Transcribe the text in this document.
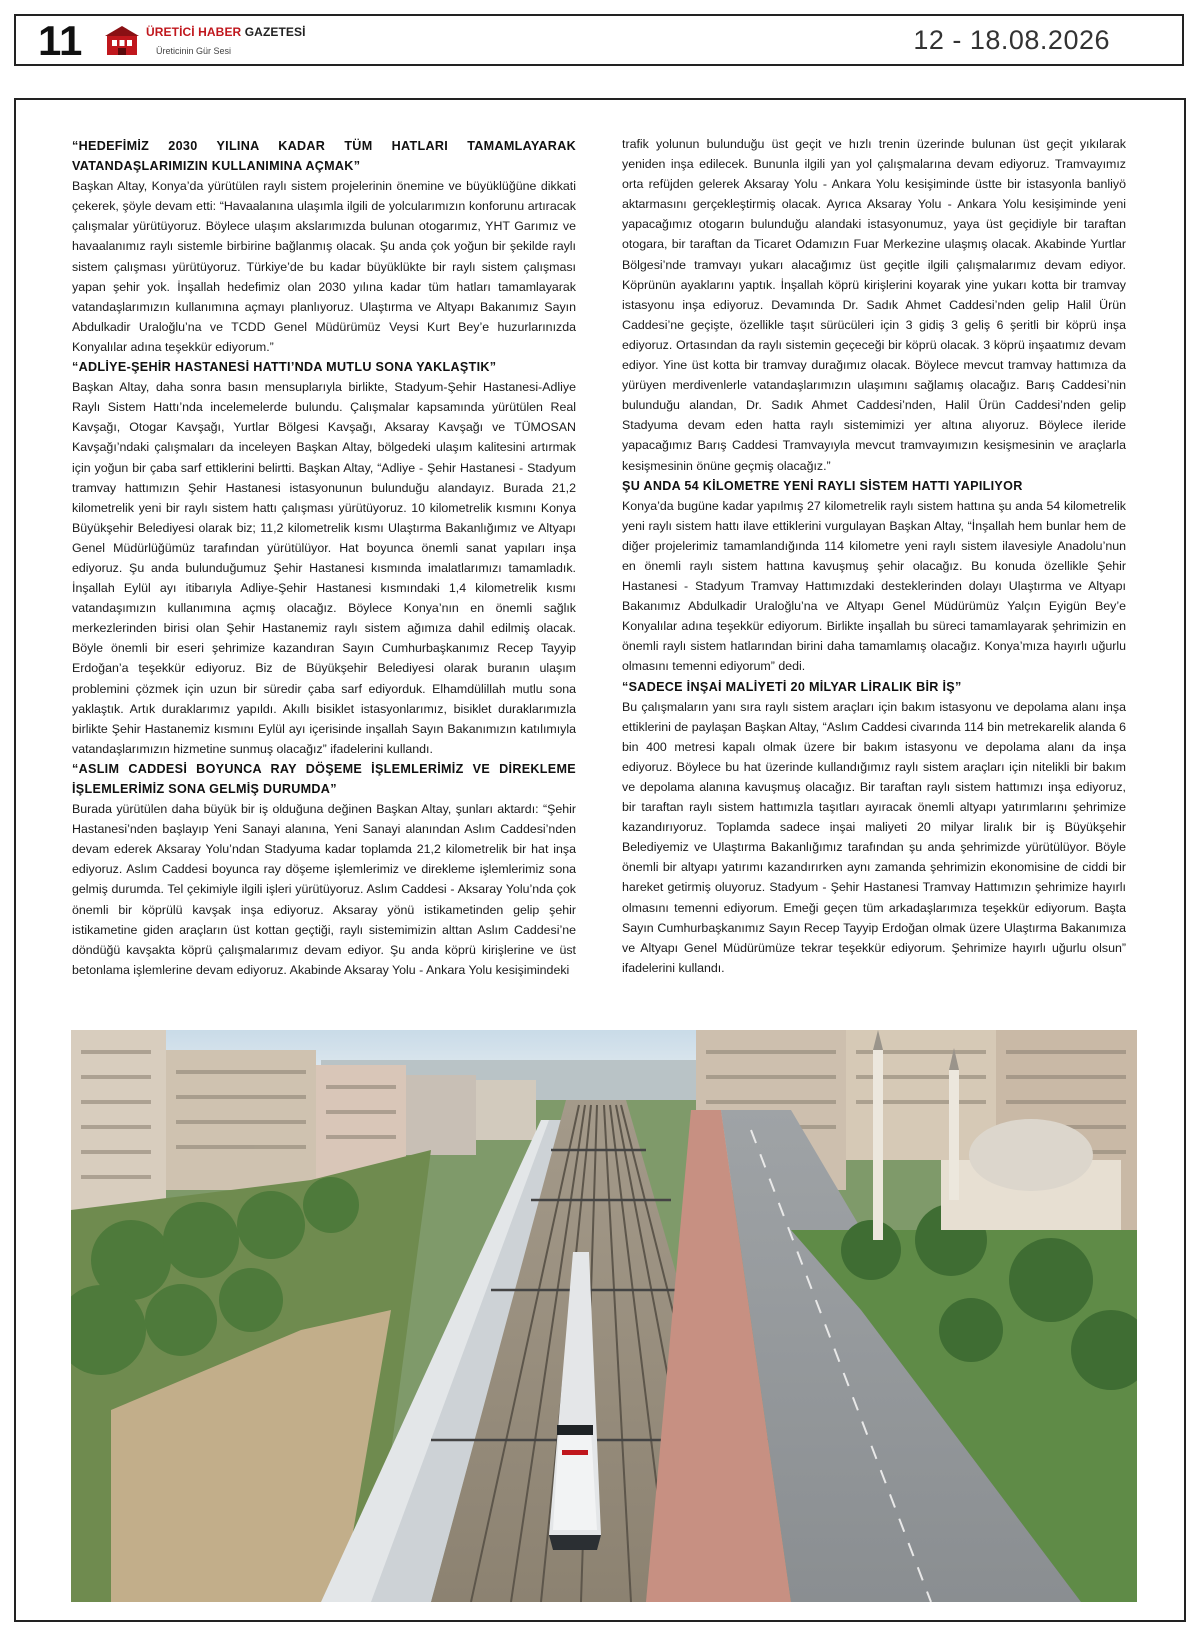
11	ÜRETİCİ HABER GAZETESİ
Üreticinin Gür Sesi	12 - 18.08.2026

“HEDEFİMİZ 2030 YILINA KADAR TÜM HATLARI TAMAMLAYARAK VATANDAŞLARIMIZIN KULLANIMINA AÇMAK”

Başkan Altay, Konya’da yürütülen raylı sistem projelerinin önemine ve büyüklüğüne dikkati çekerek, şöyle devam etti: “Havaalanına ulaşımla ilgili de yolcularımızın konforunu artıracak çalışmalar yürütüyoruz. Böylece ulaşım akslarımızda bulunan otogarımız, YHT Garımız ve havaalanımız raylı sistemle birbirine bağlanmış olacak. Şu anda çok yoğun bir şekilde raylı sistem çalışması yürütüyoruz. Türkiye’de bu kadar büyüklükte bir raylı sistem çalışması yapan şehir yok. İnşallah hedefimiz olan 2030 yılına kadar tüm hatları tamamlayarak vatandaşlarımızın kullanımına açmayı planlıyoruz. Ulaştırma ve Altyapı Bakanımız Sayın Abdulkadir Uraloğlu’na ve TCDD Genel Müdürümüz Veysi Kurt Bey’e huzurlarınızda Konyalılar adına teşekkür ediyorum.”

“ADLİYE-ŞEHİR HASTANESİ HATTI’NDA MUTLU SONA YAKLAŞTIK”

Başkan Altay, daha sonra basın mensuplarıyla birlikte, Stadyum-Şehir Hastanesi-Adliye Raylı Sistem Hattı’nda incelemelerde bulundu. Çalışmalar kapsamında yürütülen Real Kavşağı, Otogar Kavşağı, Yurtlar Bölgesi Kavşağı, Aksaray Kavşağı ve TÜMOSAN Kavşağı’ndaki çalışmaları da inceleyen Başkan Altay, bölgedeki ulaşım kalitesini artırmak için yoğun bir çaba sarf ettiklerini belirtti. Başkan Altay, “Adliye - Şehir Hastanesi - Stadyum tramvay hattımızın Şehir Hastanesi istasyonunun bulunduğu alandayız. Burada 21,2 kilometrelik yeni bir raylı sistem hattı çalışması yürütüyoruz. 10 kilometrelik kısmını Konya Büyükşehir Belediyesi olarak biz; 11,2 kilometrelik kısmı Ulaştırma Bakanlığımız ve Altyapı Genel Müdürlüğümüz tarafından yürütülüyor. Hat boyunca önemli sanat yapıları inşa ediyoruz. Şu anda bulunduğumuz Şehir Hastanesi kısmında imalatlarımızı tamamladık. İnşallah Eylül ayı itibarıyla Adliye-Şehir Hastanesi kısmındaki 1,4 kilometrelik kısmı vatandaşımızın kullanımına açmış olacağız. Böylece Konya’nın en önemli sağlık merkezlerinden birisi olan Şehir Hastanemiz raylı sistem ağımıza dahil edilmiş olacak. Böyle önemli bir eseri şehrimize kazandıran Sayın Cumhurbaşkanımız Recep Tayyip Erdoğan’a teşekkür ediyoruz. Biz de Büyükşehir Belediyesi olarak buranın ulaşım problemini çözmek için uzun bir süredir çaba sarf ediyorduk. Elhamdülillah mutlu sona yaklaştık. Artık duraklarımız yapıldı. Akıllı bisiklet istasyonlarımız, bisiklet duraklarımızla birlikte Şehir Hastanemiz kısmını Eylül ayı içerisinde inşallah Sayın Bakanımızın katılımıyla vatandaşlarımızın hizmetine sunmuş olacağız” ifadelerini kullandı.

“ASLIM CADDESİ BOYUNCA RAY DÖŞEME İŞLEMLERİMİZ VE DİREKLEME İŞLEMLERİMİZ SONA GELMİŞ DURUMDA”

Burada yürütülen daha büyük bir iş olduğuna değinen Başkan Altay, şunları aktardı: “Şehir Hastanesi’nden başlayıp Yeni Sanayi alanına, Yeni Sanayi alanından Aslım Caddesi’nden devam ederek Aksaray Yolu’ndan Stadyuma kadar toplamda 21,2 kilometrelik bir hat inşa ediyoruz. Aslım Caddesi boyunca ray döşeme işlemlerimiz ve direkleme işlemlerimiz sona gelmiş durumda. Tel çekimiyle ilgili işleri yürütüyoruz. Aslım Caddesi - Aksaray Yolu’nda çok önemli bir köprülü kavşak inşa ediyoruz. Aksaray yönü istikametinden gelip şehir istikametine giden araçların üst kottan geçtiği, raylı sistemimizin alttan Aslım Caddesi’ne döndüğü kavşakta köprü çalışmalarımız devam ediyor. Şu anda köprü kirişlerine ve üst betonlama işlemlerine devam ediyoruz. Akabinde Aksaray Yolu - Ankara Yolu kesişimindeki

trafik yolunun bulunduğu üst geçit ve hızlı trenin üzerinde bulunan üst geçit yıkılarak yeniden inşa edilecek. Bununla ilgili yan yol çalışmalarına devam ediyoruz. Tramvayımız orta refüjden gelerek Aksaray Yolu - Ankara Yolu kesişiminde üstte bir istasyonla banliyö aktarmasını gerçekleştirmiş olacak. Ayrıca Aksaray Yolu - Ankara Yolu kesişiminde yeni yapacağımız otogarın bulunduğu alandaki istasyonumuz, yaya üst geçidiyle bir taraftan otogara, bir taraftan da Ticaret Odamızın Fuar Merkezine ulaşmış olacak. Akabinde Yurtlar Bölgesi’nde tramvayı yukarı alacağımız üst geçitle ilgili çalışmalarımız devam ediyor. Köprünün ayaklarını yaptık. İnşallah köprü kirişlerini koyarak yine yukarı kotta bir tramvay istasyonu inşa ediyoruz. Devamında Dr. Sadık Ahmet Caddesi’nden gelip Halil Ürün Caddesi’ne geçişte, özellikle taşıt sürücüleri için 3 gidiş 3 geliş 6 şeritli bir köprü inşa ediyoruz. Ortasından da raylı sistemin geçeceği bir köprü olacak. 3 köprü inşaatımız devam ediyor. Yine üst kotta bir tramvay durağımız olacak. Böylece mevcut tramvay hattımıza da yürüyen merdivenlerle vatandaşlarımızın ulaşımını sağlamış olacağız. Barış Caddesi’nin bulunduğu alandan, Dr. Sadık Ahmet Caddesi’nden, Halil Ürün Caddesi’nden gelip Stadyuma devam eden hatta raylı sistemimizi yer altına alıyoruz. Böylece ileride yapacağımız Barış Caddesi Tramvayıyla mevcut tramvayımızın kesişmesinin ve araçlarla kesişmesinin önüne geçmiş olacağız.”

ŞU ANDA 54 KİLOMETRE YENİ RAYLI SİSTEM HATTI YAPILIYOR

Konya’da bugüne kadar yapılmış 27 kilometrelik raylı sistem hattına şu anda 54 kilometrelik yeni raylı sistem hattı ilave ettiklerini vurgulayan Başkan Altay, “İnşallah hem bunlar hem de diğer projelerimiz tamamlandığında 114 kilometre yeni raylı sistem ilavesiyle Anadolu’nun en önemli raylı sistem hattına kavuşmuş şehir olacağız. Bu konuda özellikle Şehir Hastanesi - Stadyum Tramvay Hattımızdaki desteklerinden dolayı Ulaştırma ve Altyapı Bakanımız Abdulkadir Uraloğlu’na ve Altyapı Genel Müdürümüz Yalçın Eyigün Bey’e Konyalılar adına teşekkür ediyorum. Birlikte inşallah bu süreci tamamlayarak şehrimizin en önemli raylı sistem hatlarından birini daha tamamlamış olacağız. Konya’mıza hayırlı uğurlu olmasını temenni ediyorum” dedi.

“SADECE İNŞAİ MALİYETİ 20 MİLYAR LİRALIK BİR İŞ”

Bu çalışmaların yanı sıra raylı sistem araçları için bakım istasyonu ve depolama alanı inşa ettiklerini de paylaşan Başkan Altay, “Aslım Caddesi civarında 114 bin metrekarelik alanda 6 bin 400 metresi kapalı olmak üzere bir bakım istasyonu ve depolama alanı da inşa ediyoruz. Böylece bu hat üzerinde kullandığımız raylı sistem araçları için nitelikli bir bakım ve depolama alanına kavuşmuş olacağız. Bir taraftan raylı sistem hattımızı inşa ediyoruz, bir taraftan raylı sistem hattımızla taşıtları ayıracak önemli altyapı yatırımlarını şehrimize kazandırıyoruz. Toplamda sadece inşai maliyeti 20 milyar liralık bir iş Büyükşehir Belediyemiz ve Ulaştırma Bakanlığımız tarafından şu anda şehrimizde yürütülüyor. Böyle önemli bir altyapı yatırımı kazandırırken aynı zamanda şehrimizin ekonomisine de ciddi bir hareket getirmiş oluyoruz. Stadyum - Şehir Hastanesi Tramvay Hattımızın şehrimize hayırlı olmasını temenni ediyorum. Emeği geçen tüm arkadaşlarımıza teşekkür ediyorum. Başta Sayın Cumhurbaşkanımız Sayın Recep Tayyip Erdoğan olmak üzere Ulaştırma Bakanımıza ve Altyapı Genel Müdürümüze tekrar teşekkür ediyorum. Şehrimize hayırlı uğurlu olsun” ifadelerini kullandı.
